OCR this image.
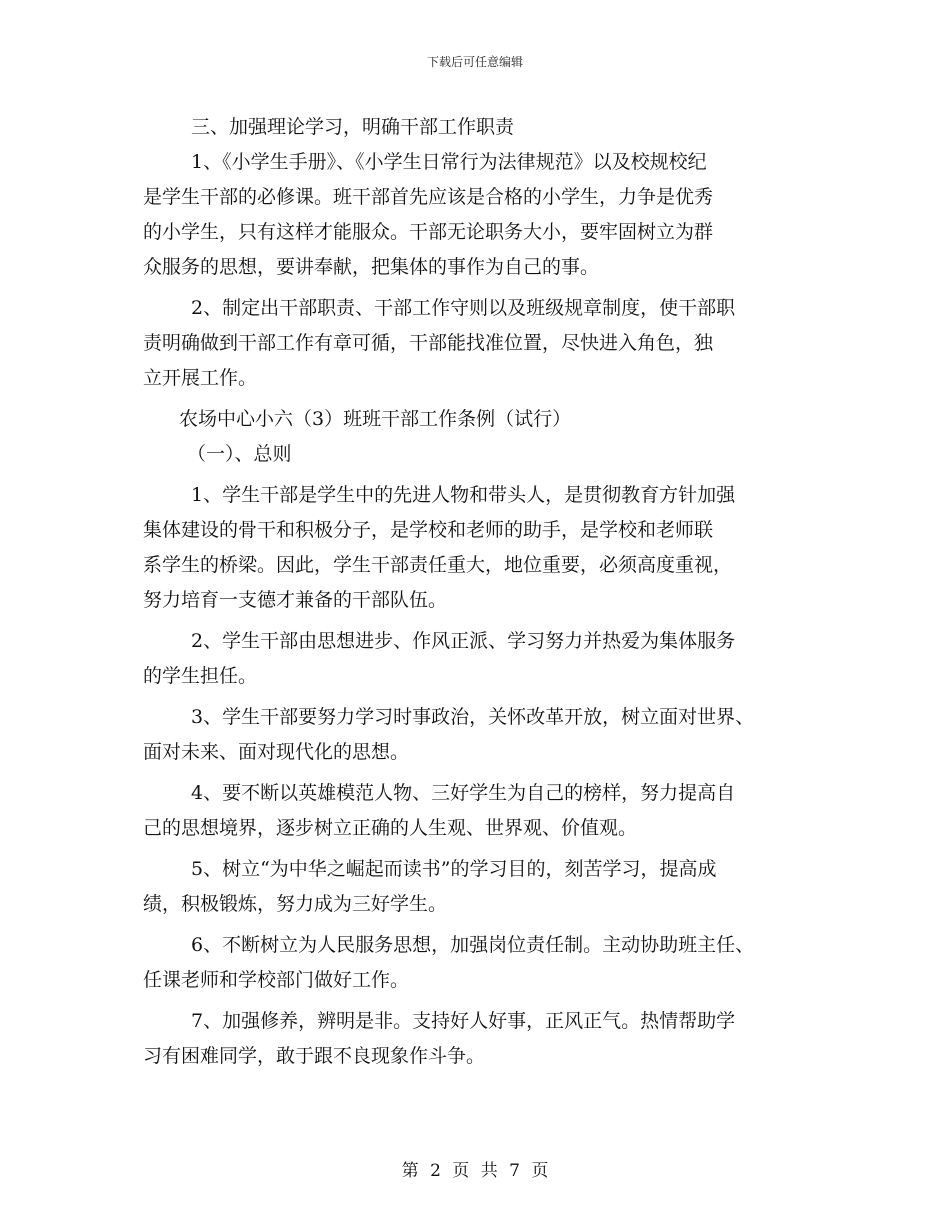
下载后可任意编辑
三、加强理论学习，明确干部工作职责
1、《小学生手册》、《小学生日常行为法律规范》以及校规校纪
是学生干部的必修课。班干部首先应该是合格的小学生，力争是优秀
的小学生，只有这样才能服众。干部无论职务大小，要牢固树立为群
众服务的思想，要讲奉献，把集体的事作为自己的事。
2、制定出干部职责、干部工作守则以及班级规章制度，使干部职
责明确做到干部工作有章可循，干部能找准位置，尽快进入角色，独
立开展工作。
农场中心小六（3）班班干部工作条例（试行）
（一）、总则
1、学生干部是学生中的先进人物和带头人，是贯彻教育方针加强
集体建设的骨干和积极分子，是学校和老师的助手，是学校和老师联
系学生的桥梁。因此，学生干部责任重大，地位重要，必须高度重视，
努力培育一支德才兼备的干部队伍。
2、学生干部由思想进步、作风正派、学习努力并热爱为集体服务
的学生担任。
3、学生干部要努力学习时事政治，关怀改革开放，树立面对世界、
面对未来、面对现代化的思想。
4、要不断以英雄模范人物、三好学生为自己的榜样，努力提高自
己的思想境界，逐步树立正确的人生观、世界观、价值观。
5、树立“为中华之崛起而读书”的学习目的，刻苦学习，提高成
绩，积极锻炼，努力成为三好学生。
6、不断树立为人民服务思想，加强岗位责任制。主动协助班主任、
任课老师和学校部门做好工作。
7、加强修养，辨明是非。支持好人好事，正风正气。热情帮助学
习有困难同学，敢于跟不良现象作斗争。
第 2 页 共 7 页
